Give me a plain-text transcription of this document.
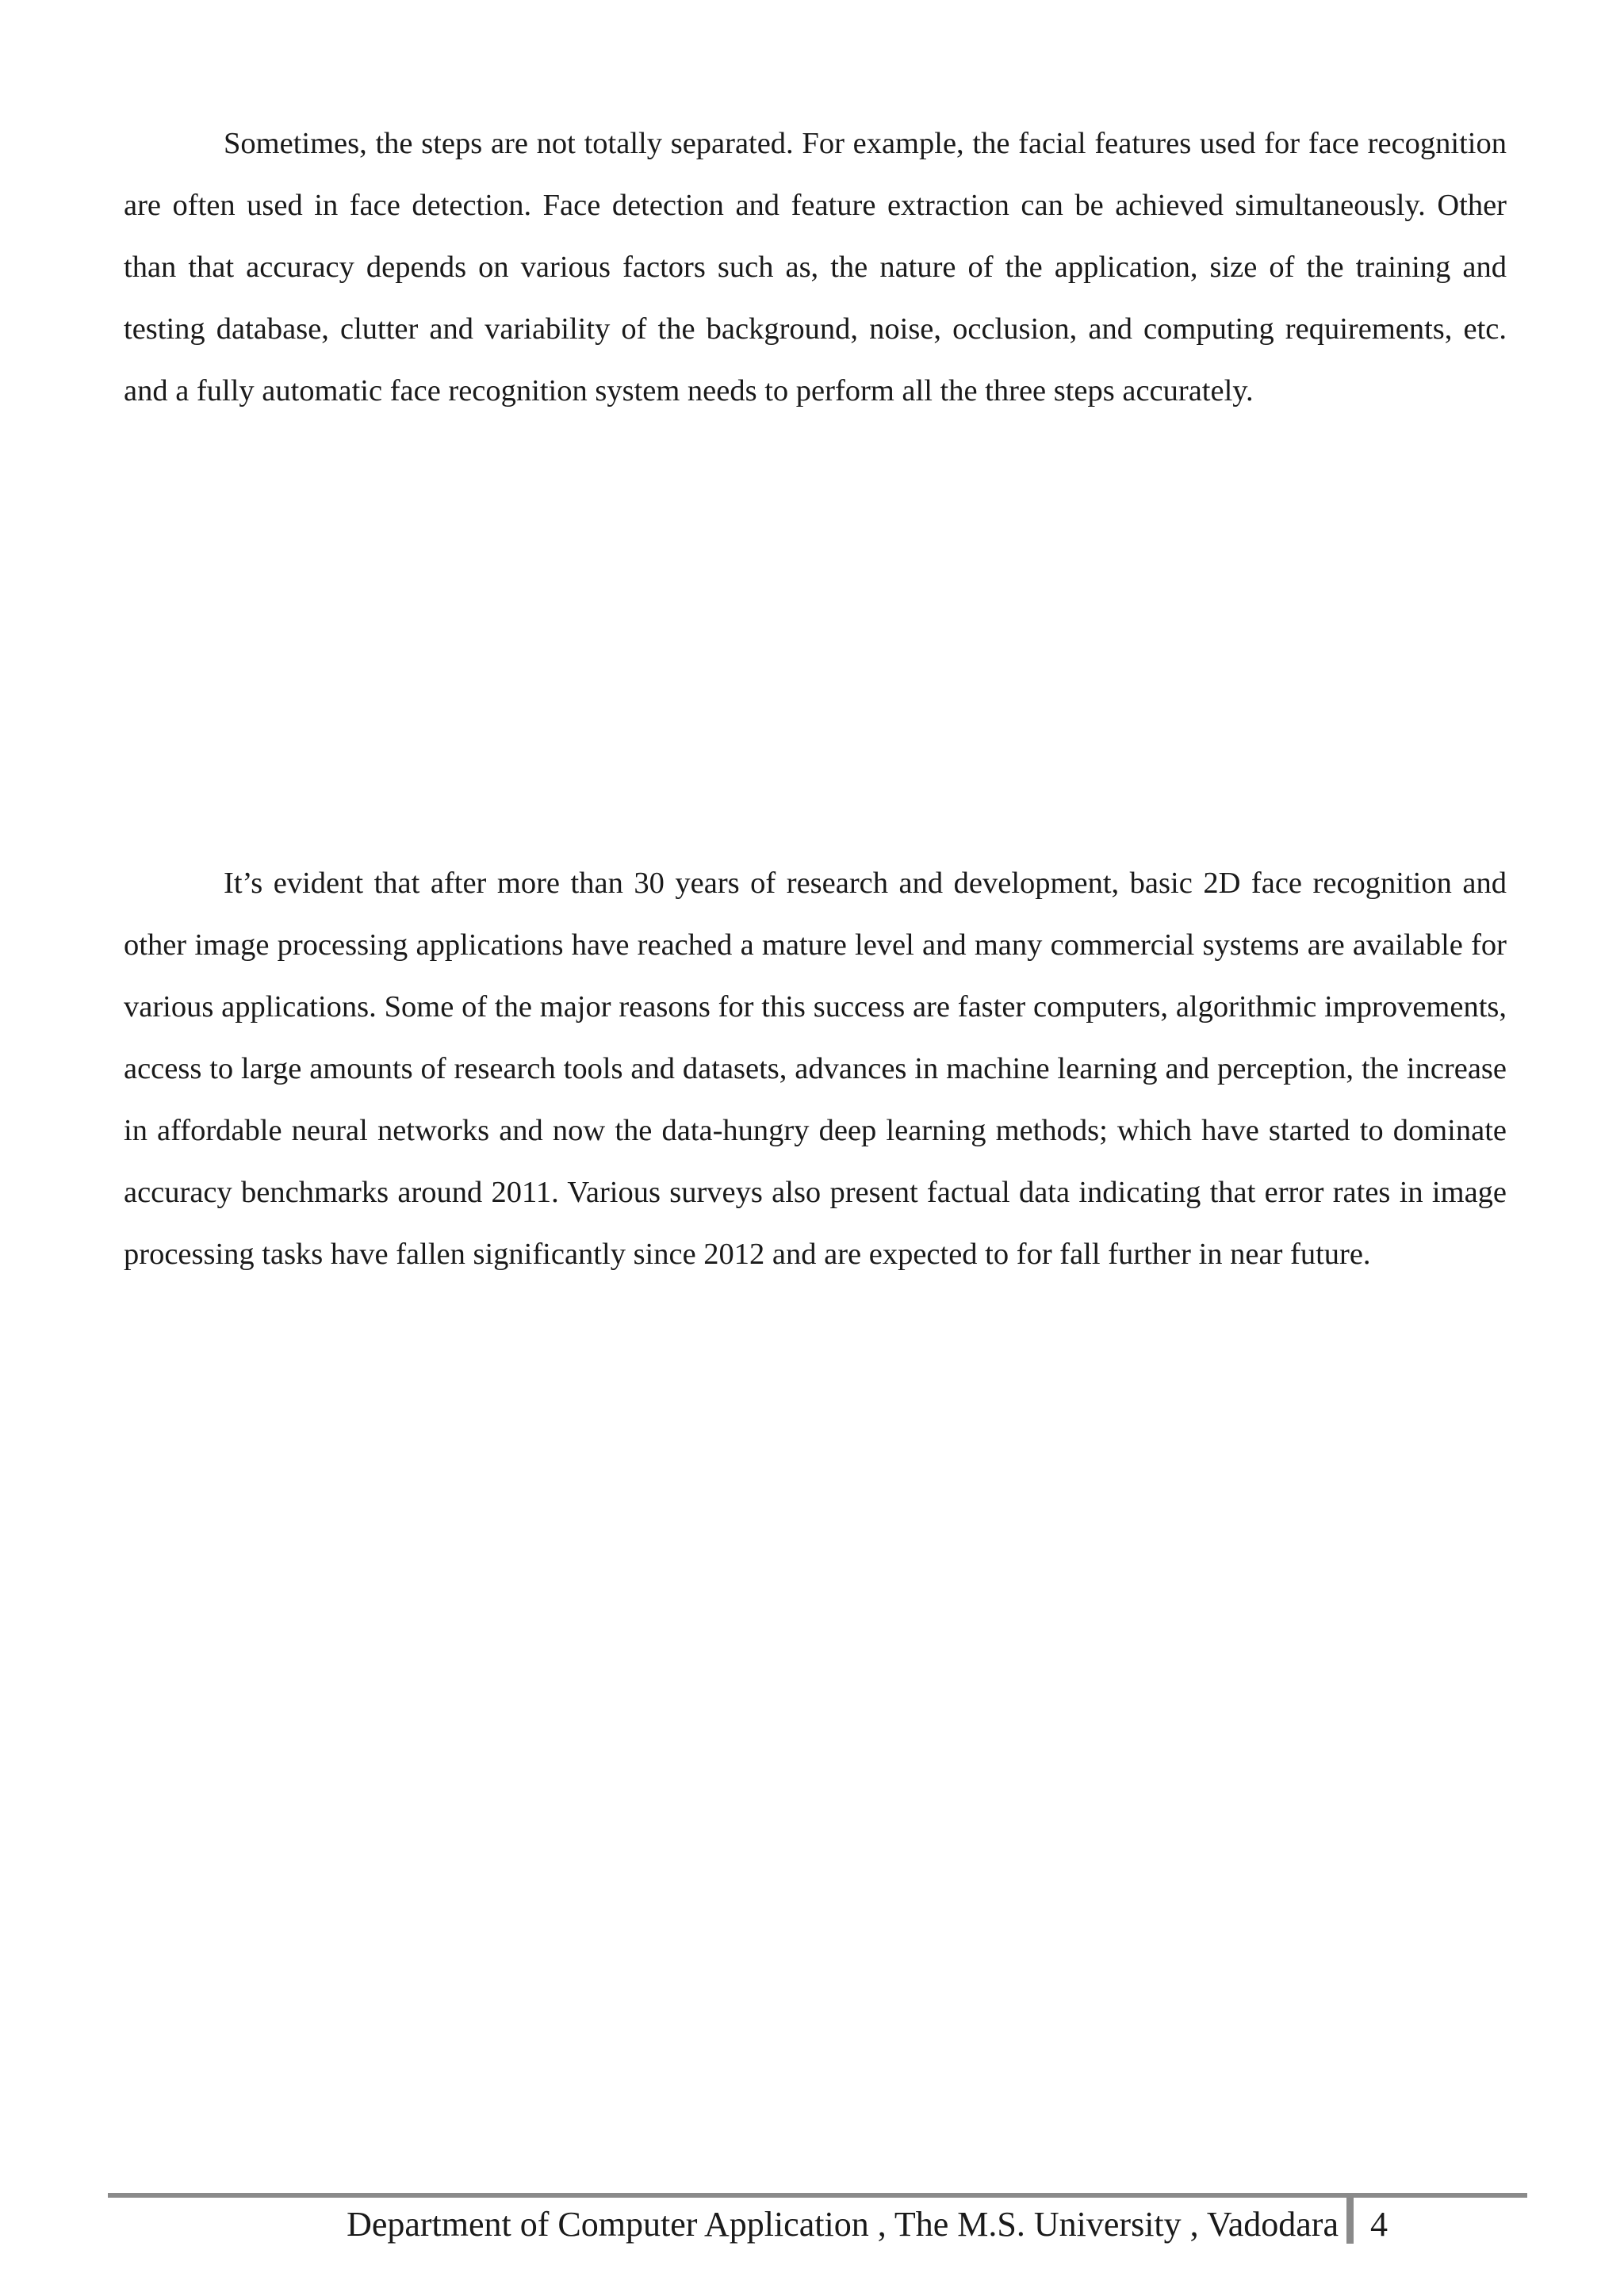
Sometimes, the steps are not totally separated. For example, the facial features used for face recognition are often used in face detection. Face detection and feature extraction can be achieved simultaneously. Other than that accuracy depends on various factors such as, the nature of the application, size of the training and testing database, clutter and variability of the background, noise, occlusion, and computing requirements, etc. and a fully automatic face recognition system needs to perform all the three steps accurately.

It’s evident that after more than 30 years of research and development, basic 2D face recognition and other image processing applications have reached a mature level and many commercial systems are available for various applications. Some of the major reasons for this success are faster computers, algorithmic improvements, access to large amounts of research tools and datasets, advances in machine learning and perception, the increase in affordable neural networks and now the data-hungry deep learning methods; which have started to dominate accuracy benchmarks around 2011. Various surveys also present factual data indicating that error rates in image processing tasks have fallen significantly since 2012 and are expected to for fall further in near future.

Department of Computer Application , The M.S. University , Vadodara 4
